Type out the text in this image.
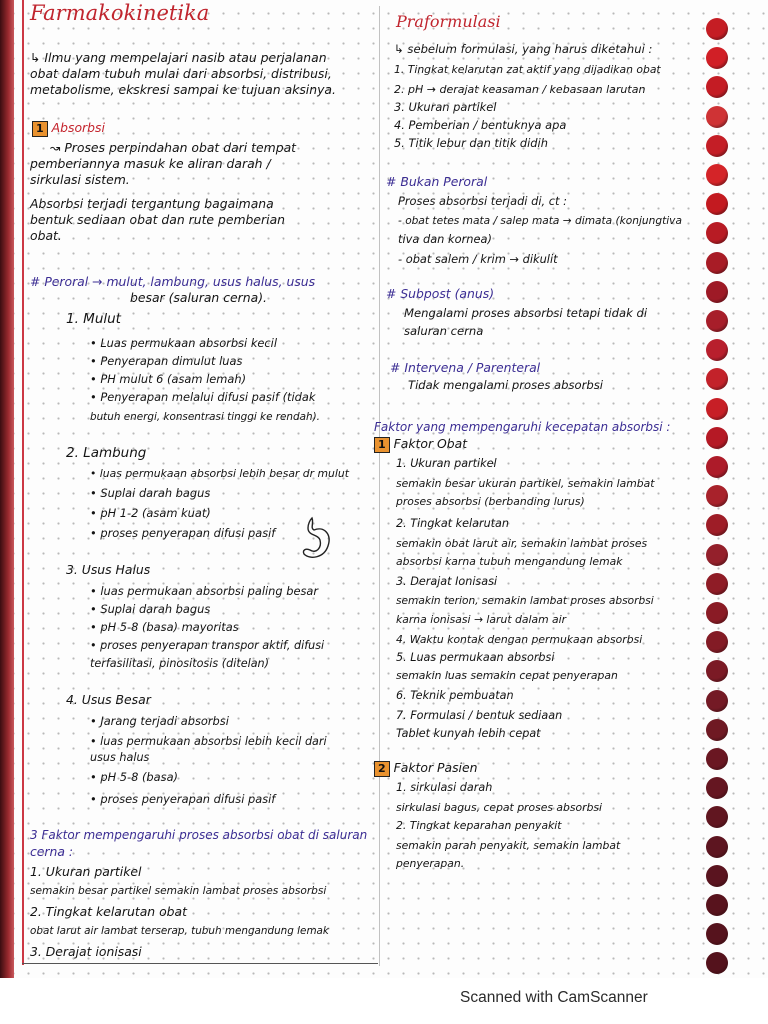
Farmakokinetika
↳ Ilmu yang mempelajari nasib atau perjalanan
obat dalam tubuh mulai dari absorbsi, distribusi,
metabolisme, ekskresi sampai ke tujuan aksinya.
1 Absorbsi
↝ Proses perpindahan obat dari tempat
pemberiannya masuk ke aliran darah /
sirkulasi sistem.
Absorbsi terjadi tergantung bagaimana
bentuk sediaan obat dan rute pemberian
obat.
# Peroral → mulut, lambung, usus halus, usus
besar (saluran cerna).
1. Mulut
• Luas permukaan absorbsi kecil
• Penyerapan dimulut luas
• PH mulut 6 (asam lemah)
• Penyerapan melalui difusi pasif (tidak
butuh energi, konsentrasi tinggi ke rendah).
2. Lambung
• luas permukaan absorbsi lebih besar dr mulut
• Suplai darah bagus
• pH 1-2 (asam kuat)
• proses penyerapan difusi pasif
3. Usus Halus
• luas permukaan absorbsi paling besar
• Suplai darah bagus
• pH 5-8 (basa) mayoritas
• proses penyerapan transpor aktif, difusi
terfasilitasi, pinositosis (ditelan)
4. Usus Besar
• Jarang terjadi absorbsi
• luas permukaan absorbsi lebih kecil dari
usus halus
• pH 5-8 (basa)
• proses penyerapan difusi pasif
3 Faktor mempengaruhi proses absorbsi obat di saluran
cerna :
1. Ukuran partikel
semakin besar partikel semakin lambat proses absorbsi
2. Tingkat kelarutan obat
obat larut air lambat terserap, tubuh mengandung lemak
3. Derajat ionisasi
Praformulasi
↳ sebelum formulasi, yang harus diketahui :
1. Tingkat kelarutan zat aktif yang dijadikan obat
2. pH → derajat keasaman / kebasaan larutan
3. Ukuran partikel
4. Pemberian / bentuknya apa
5. Titik lebur dan titik didih
# Bukan Peroral
Proses absorbsi terjadi di, ct :
- obat tetes mata / salep mata → dimata (konjungtiva
tiva dan kornea)
- obat salem / krim → dikulit
# Subpost (anus)
Mengalami proses absorbsi tetapi tidak di
saluran cerna
# Intervena / Parenteral
Tidak mengalami proses absorbsi
Faktor yang mempengaruhi kecepatan absorbsi :
1 Faktor Obat
1. Ukuran partikel
semakin besar ukuran partikel, semakin lambat
proses absorbsi (berbanding lurus)
2. Tingkat kelarutan
semakin obat larut air, semakin lambat proses
absorbsi karna tubuh mengandung lemak
3. Derajat Ionisasi
semakin terion, semakin lambat proses absorbsi
karna ionisasi → larut dalam air
4. Waktu kontak dengan permukaan absorbsi
5. Luas permukaan absorbsi
semakin luas semakin cepat penyerapan
6. Teknik pembuatan
7. Formulasi / bentuk sediaan
Tablet kunyah lebih cepat
2 Faktor Pasien
1. sirkulasi darah
sirkulasi bagus, cepat proses absorbsi
2. Tingkat keparahan penyakit
semakin parah penyakit, semakin lambat
penyerapan.
Scanned with CamScanner
